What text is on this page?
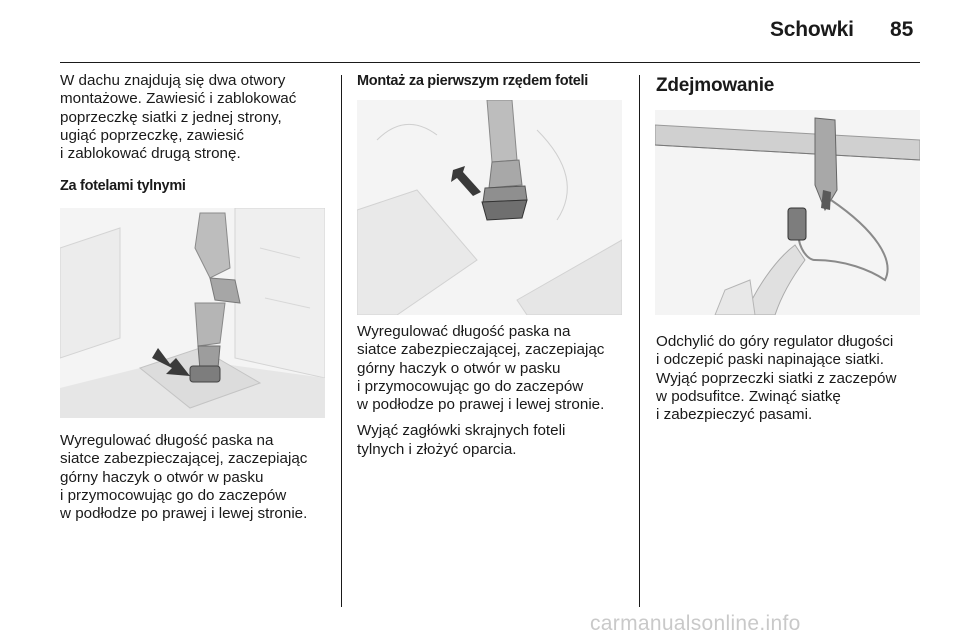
Schowki 85

W dachu znajdują się dwa otwory
montażowe. Zawiesić i zablokować
poprzeczkę siatki z jednej strony,
ugiąć poprzeczkę, zawiesić
i zablokować drugą stronę.

Za fotelami tylnymi

Wyregulować długość paska na
siatce zabezpieczającej, zaczepiając
górny haczyk o otwór w pasku
i przymocowując go do zaczepów
w podłodze po prawej i lewej stronie.

Montaż za pierwszym rzędem foteli

Wyregulować długość paska na
siatce zabezpieczającej, zaczepiając
górny haczyk o otwór w pasku
i przymocowując go do zaczepów
w podłodze po prawej i lewej stronie.

Wyjąć zagłówki skrajnych foteli
tylnych i złożyć oparcia.

Zdejmowanie

Odchylić do góry regulator długości
i odczepić paski napinające siatki.
Wyjąć poprzeczki siatki z zaczepów
w podsufitce. Zwinąć siatkę
i zabezpieczyć pasami.

carmanualsonline.info
